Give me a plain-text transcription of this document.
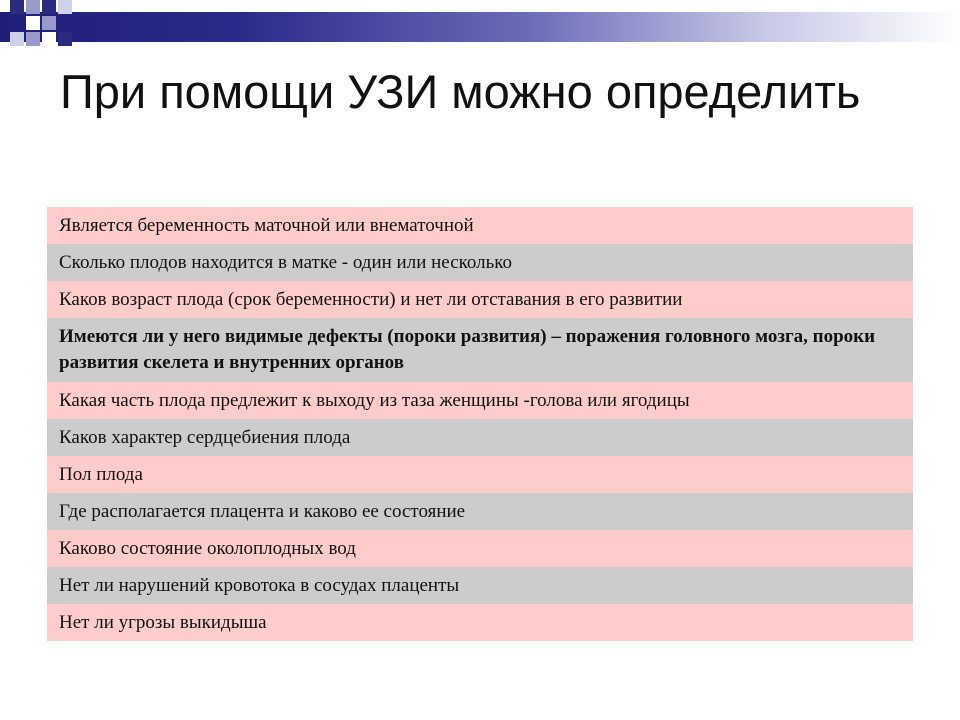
При помощи УЗИ можно определить
Является беременность маточной или внематочной
Сколько плодов находится в матке - один или несколько
Каков возраст плода (срок беременности) и нет ли отставания в его развитии
Имеются ли у него видимые дефекты (пороки развития) – поражения головного мозга, пороки развития скелета и внутренних органов
Какая часть плода предлежит к выходу из таза женщины -голова или ягодицы
Каков характер сердцебиения плода
Пол плода
Где располагается плацента и каково ее состояние
Каково состояние околоплодных вод
Нет ли нарушений кровотока в сосудах плаценты
Нет ли угрозы выкидыша
